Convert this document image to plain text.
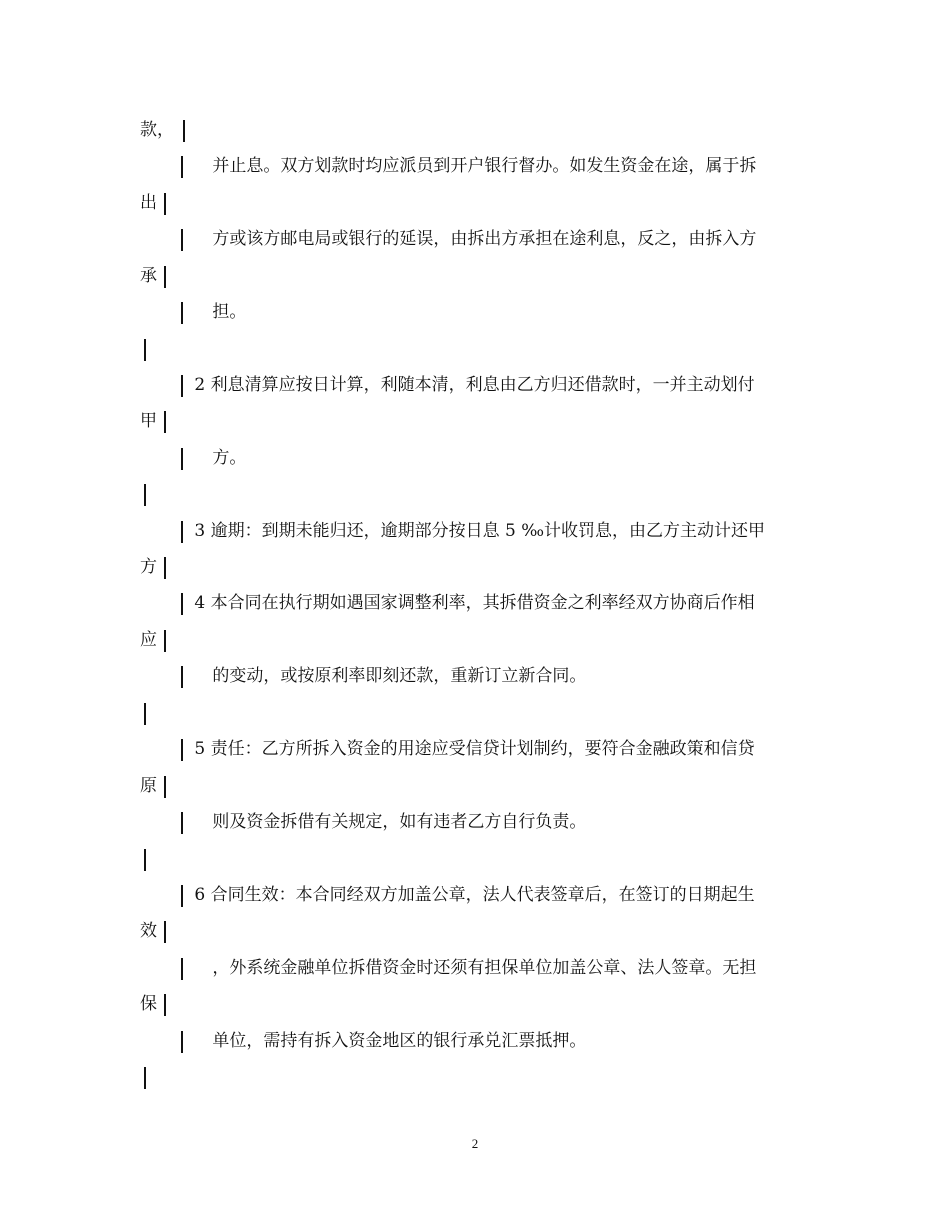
款，
并止息。双方划款时均应派员到开户银行督办。如发生资金在途，属于拆
出
方或该方邮电局或银行的延误，由拆出方承担在途利息，反之，由拆入方
承
担。
2 利息清算应按日计算，利随本清，利息由乙方归还借款时，一并主动划付
甲
方。
3 逾期：到期未能归还，逾期部分按日息 5 ‰计收罚息，由乙方主动计还甲
方
4 本合同在执行期如遇国家调整利率，其拆借资金之利率经双方协商后作相
应
的变动，或按原利率即刻还款，重新订立新合同。
5 责任：乙方所拆入资金的用途应受信贷计划制约，要符合金融政策和信贷
原
则及资金拆借有关规定，如有违者乙方自行负责。
6 合同生效：本合同经双方加盖公章，法人代表签章后，在签订的日期起生
效
，外系统金融单位拆借资金时还须有担保单位加盖公章、法人签章。无担
保
单位，需持有拆入资金地区的银行承兑汇票抵押。
2
